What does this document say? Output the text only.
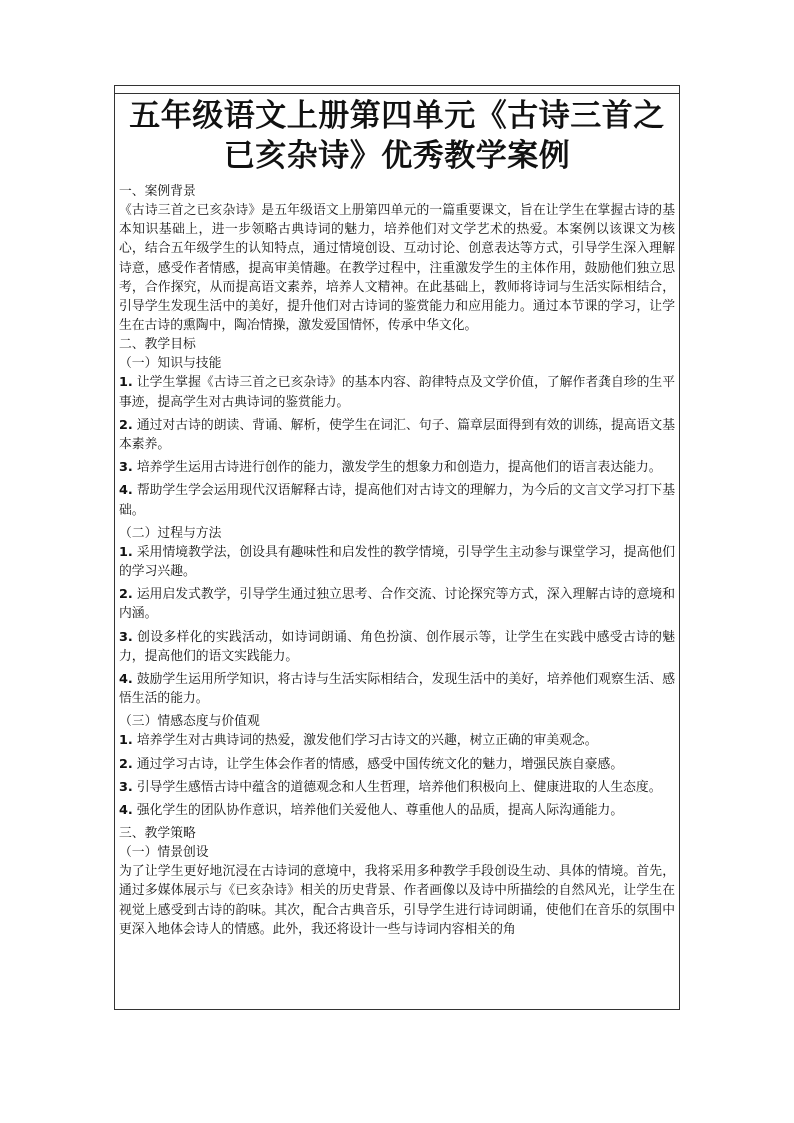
五年级语文上册第四单元《古诗三首之已亥杂诗》优秀教学案例

一、案例背景

《古诗三首之已亥杂诗》是五年级语文上册第四单元的一篇重要课文，旨在让学生在掌握古诗的基本知识基础上，进一步领略古典诗词的魅力，培养他们对文学艺术的热爱。本案例以该课文为核心，结合五年级学生的认知特点，通过情境创设、互动讨论、创意表达等方式，引导学生深入理解诗意，感受作者情感，提高审美情趣。在教学过程中，注重激发学生的主体作用，鼓励他们独立思考，合作探究，从而提高语文素养，培养人文精神。在此基础上，教师将诗词与生活实际相结合，引导学生发现生活中的美好，提升他们对古诗词的鉴赏能力和应用能力。通过本节课的学习，让学生在古诗的熏陶中，陶冶情操，激发爱国情怀，传承中华文化。

二、教学目标

（一）知识与技能

1. 让学生掌握《古诗三首之已亥杂诗》的基本内容、韵律特点及文学价值，了解作者龚自珍的生平事迹，提高学生对古典诗词的鉴赏能力。

2. 通过对古诗的朗读、背诵、解析，使学生在词汇、句子、篇章层面得到有效的训练，提高语文基本素养。

3. 培养学生运用古诗进行创作的能力，激发学生的想象力和创造力，提高他们的语言表达能力。

4. 帮助学生学会运用现代汉语解释古诗，提高他们对古诗文的理解力，为今后的文言文学习打下基础。

（二）过程与方法

1. 采用情境教学法，创设具有趣味性和启发性的教学情境，引导学生主动参与课堂学习，提高他们的学习兴趣。

2. 运用启发式教学，引导学生通过独立思考、合作交流、讨论探究等方式，深入理解古诗的意境和内涵。

3. 创设多样化的实践活动，如诗词朗诵、角色扮演、创作展示等，让学生在实践中感受古诗的魅力，提高他们的语文实践能力。

4. 鼓励学生运用所学知识，将古诗与生活实际相结合，发现生活中的美好，培养他们观察生活、感悟生活的能力。

（三）情感态度与价值观

1. 培养学生对古典诗词的热爱，激发他们学习古诗文的兴趣，树立正确的审美观念。

2. 通过学习古诗，让学生体会作者的情感，感受中国传统文化的魅力，增强民族自豪感。

3. 引导学生感悟古诗中蕴含的道德观念和人生哲理，培养他们积极向上、健康进取的人生态度。

4. 强化学生的团队协作意识，培养他们关爱他人、尊重他人的品质，提高人际沟通能力。

三、教学策略

（一）情景创设

为了让学生更好地沉浸在古诗词的意境中，我将采用多种教学手段创设生动、具体的情境。首先，通过多媒体展示与《已亥杂诗》相关的历史背景、作者画像以及诗中所描绘的自然风光，让学生在视觉上感受到古诗的韵味。其次，配合古典音乐，引导学生进行诗词朗诵，使他们在音乐的氛围中更深入地体会诗人的情感。此外，我还将设计一些与诗词内容相关的角
